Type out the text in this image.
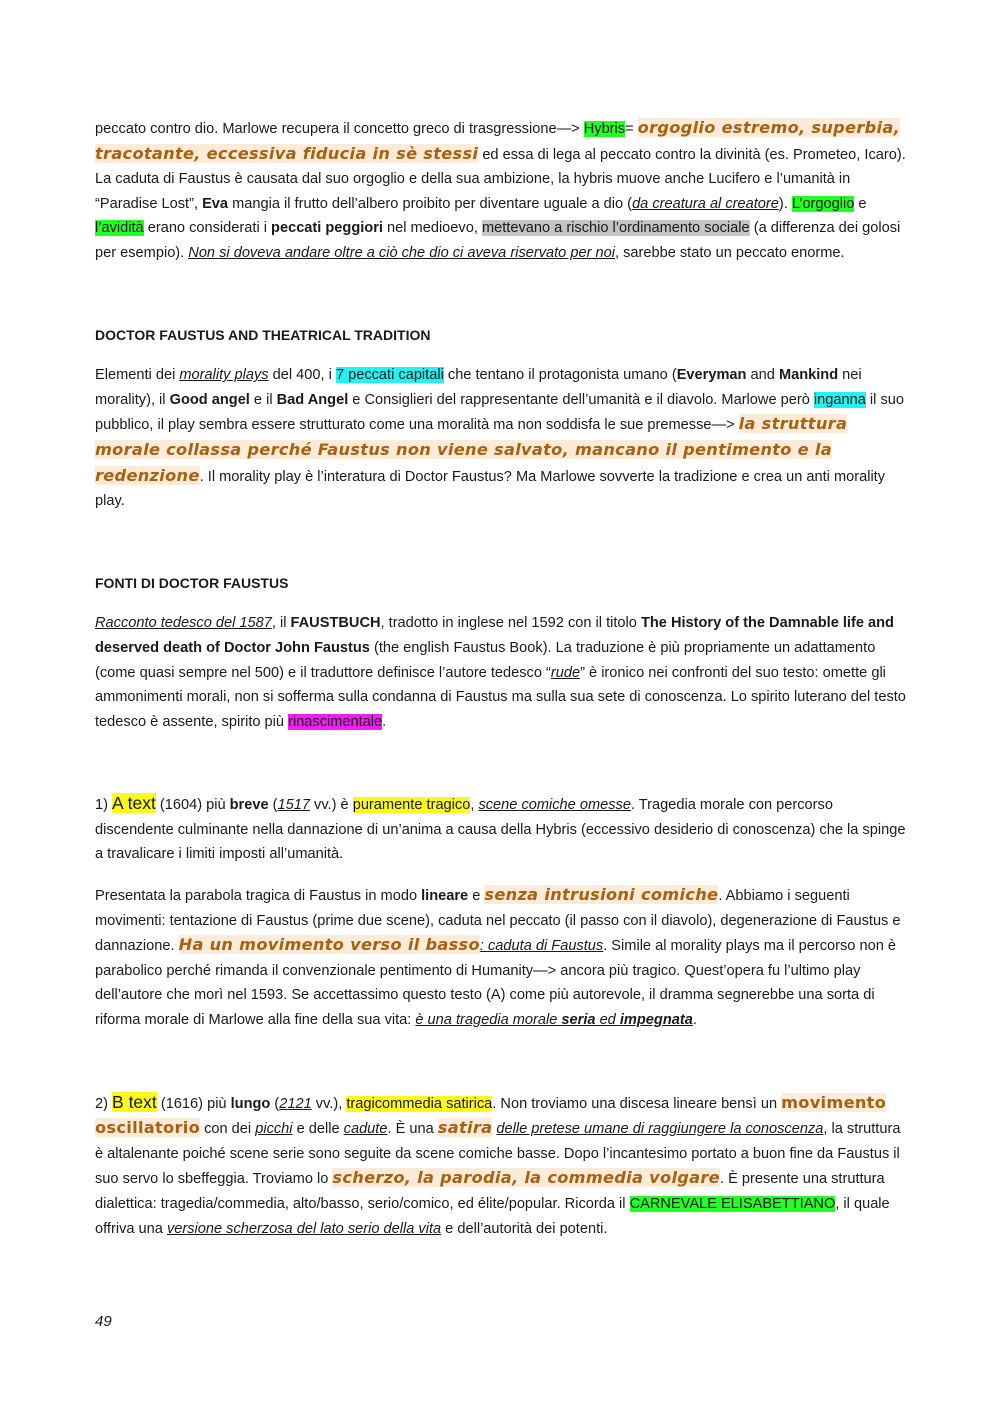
peccato contro dio. Marlowe recupera il concetto greco di trasgressione—> Hybris= orgoglio estremo, superbia, tracotante, eccessiva fiducia in sè stessi ed essa di lega al peccato contro la divinità (es. Prometeo, Icaro). La caduta di Faustus è causata dal suo orgoglio e della sua ambizione, la hybris muove anche Lucifero e l’umanità in “Paradise Lost”, Eva mangia il frutto dell’albero proibito per diventare uguale a dio (da creatura al creatore). L’orgoglio e l’avidità erano considerati i peccati peggiori nel medioevo, mettevano a rischio l’ordinamento sociale (a differenza dei golosi per esempio). Non si doveva andare oltre a ciò che dio ci aveva riservato per noi, sarebbe stato un peccato enorme.

DOCTOR FAUSTUS AND THEATRICAL TRADITION

Elementi dei morality plays del 400, i 7 peccati capitali che tentano il protagonista umano (Everyman and Mankind nei morality), il Good angel e il Bad Angel e Consiglieri del rappresentante dell’umanità e il diavolo. Marlowe però inganna il suo pubblico, il play sembra essere strutturato come una moralità ma non soddisfa le sue premesse—> la struttura morale collassa perché Faustus non viene salvato, mancano il pentimento e la redenzione. Il morality play è l’interatura di Doctor Faustus? Ma Marlowe sovverte la tradizione e crea un anti morality play.

FONTI DI DOCTOR FAUSTUS

Racconto tedesco del 1587, il FAUSTBUCH, tradotto in inglese nel 1592 con il titolo The History of the Damnable life and deserved death of Doctor John Faustus (the english Faustus Book). La traduzione è più propriamente un adattamento (come quasi sempre nel 500) e il traduttore definisce l’autore tedesco “rude” è ironico nei confronti del suo testo: omette gli ammonimenti morali, non si sofferma sulla condanna di Faustus ma sulla sua sete di conoscenza. Lo spirito luterano del testo tedesco è assente, spirito più rinascimentale.

1) A text (1604) più breve (1517 vv.) è puramente tragico, scene comiche omesse. Tragedia morale con percorso discendente culminante nella dannazione di un’anima a causa della Hybris (eccessivo desiderio di conoscenza) che la spinge a travalicare i limiti imposti all’umanità.

Presentata la parabola tragica di Faustus in modo lineare e senza intrusioni comiche. Abbiamo i seguenti movimenti: tentazione di Faustus (prime due scene), caduta nel peccato (il passo con il diavolo), degenerazione di Faustus e dannazione. Ha un movimento verso il basso: caduta di Faustus. Simile al morality plays ma il percorso non è parabolico perché rimanda il convenzionale pentimento di Humanity—> ancora più tragico. Quest’opera fu l’ultimo play dell’autore che morì nel 1593. Se accettassimo questo testo (A) come più autorevole, il dramma segnerebbe una sorta di riforma morale di Marlowe alla fine della sua vita: è una tragedia morale seria ed impegnata.

2) B text (1616) più lungo (2121 vv.), tragicommedia satirica. Non troviamo una discesa lineare bensì un movimento oscillatorio con dei picchi e delle cadute. È una satira delle pretese umane di raggiungere la conoscenza, la struttura è altalenante poiché scene serie sono seguite da scene comiche basse. Dopo l’incantesimo portato a buon fine da Faustus il suo servo lo sbeffeggia. Troviamo lo scherzo, la parodia, la commedia volgare. È presente una struttura dialettica: tragedia/commedia, alto/basso, serio/comico, ed élite/popular. Ricorda il CARNEVALE ELISABETTIANO, il quale offriva una versione scherzosa del lato serio della vita e dell’autorità dei potenti.

49
